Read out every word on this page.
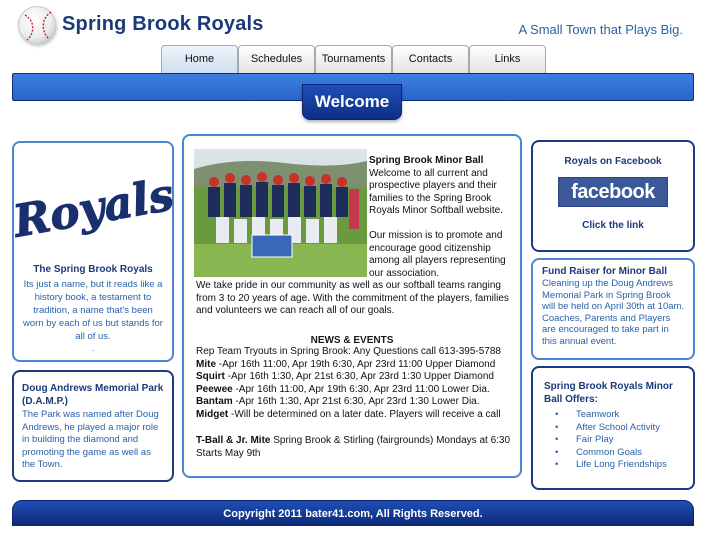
Spring Brook Royals	A Small Town that Plays Big.
Home	Schedules	Tournaments	Contacts	Links
Welcome
Royals
The Spring Brook Royals
Its just a name, but it reads like a history book, a testament to tradition, a name that's been worn by each of us but stands for all of us.
.
Doug Andrews Memorial Park (D.A.M.P.)
The Park was named after Doug Andrews, he played a major role in building the diamond and promoting the game as well as the Town.
Spring Brook Minor Ball
Welcome to all current and prospective players and their families to the Spring Brook Royals Minor Softball website.

Our mission is to promote and encourage good citizenship among all players representing our association.
We take pride in our community as well as our softball teams ranging from 3 to 20 years of age. With the commitment of the players, families and volunteers we can reach all of our goals.
NEWS & EVENTS
Rep Team Tryouts in Spring Brook: Any Questions call 613-395-5788
Mite -Apr 16th 11:00, Apr 19th 6:30, Apr 23rd 11:00 Upper Diamond
Squirt -Apr 16th 1:30, Apr 21st 6:30, Apr 23rd 1:30 Upper Diamond
Peewee -Apr 16th 11:00, Apr 19th 6:30, Apr 23rd 11:00 Lower Dia.
Bantam -Apr 16th 1:30, Apr 21st 6:30, Apr 23rd 1:30 Lower Dia.
Midget -Will be determined on a later date. Players will receive a call
T-Ball & Jr. Mite Spring Brook & Stirling (fairgrounds) Mondays at 6:30 Starts May 9th
Royals on Facebook
facebook
Click the link
Fund Raiser for Minor Ball
Cleaning up the Doug Andrews Memorial Park in Spring Brook will be held on April 30th at 10am. Coaches, Parents and Players are encouraged to take part in this annual event.
Spring Brook Royals Minor Ball Offers:
• Teamwork
• After School Activity
• Fair Play
• Common Goals
• Life Long Friendships
Copyright 2011 bater41.com, All Rights Reserved.
